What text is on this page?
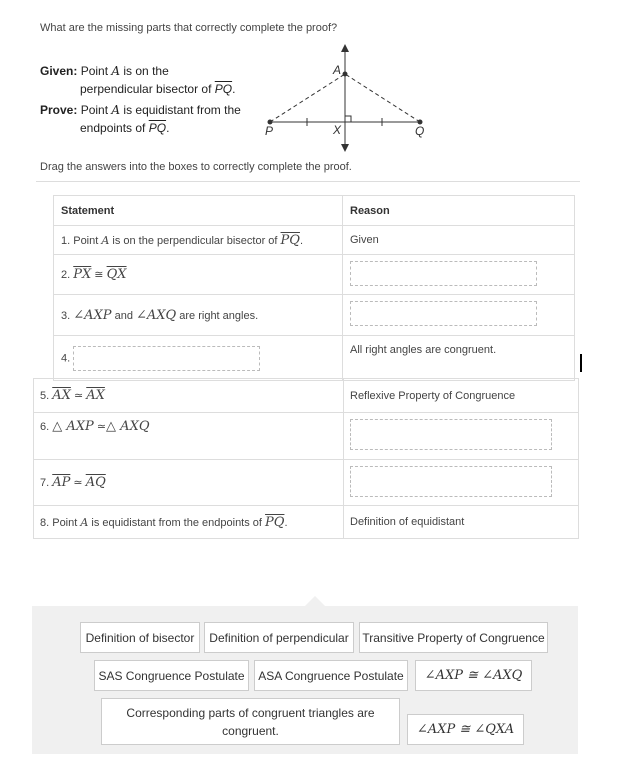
What are the missing parts that correctly complete the proof?
Given: Point A is on the
perpendicular bisector of $\overline{PQ}$.
Prove: Point A is equidistant from the
endpoints of $\overline{PQ}$.
A
P	X	Q
Drag the answers into the boxes to correctly complete the proof.
Statement	Reason
1. Point A is on the perpendicular bisector of $\overline{PQ}$.	Given
2. $\overline{PX}$ ≅ $\overline{QX}$	
3. ∠AXP and ∠AXQ are right angles.	
4.	All right angles are congruent.
5. $\overline{AX}$ ≃ $\overline{AX}$	Reflexive Property of Congruence
6. △ AXP ≃△ AXQ	
7. $\overline{AP}$ ≃ $\overline{AQ}$	
8. Point A is equidistant from the endpoints of $\overline{PQ}$.	Definition of equidistant
Definition of bisector	Definition of perpendicular	Transitive Property of Congruence
SAS Congruence Postulate	ASA Congruence Postulate	∠AXP ≅ ∠AXQ
Corresponding parts of congruent triangles are congruent.	∠AXP ≅ ∠QXA
